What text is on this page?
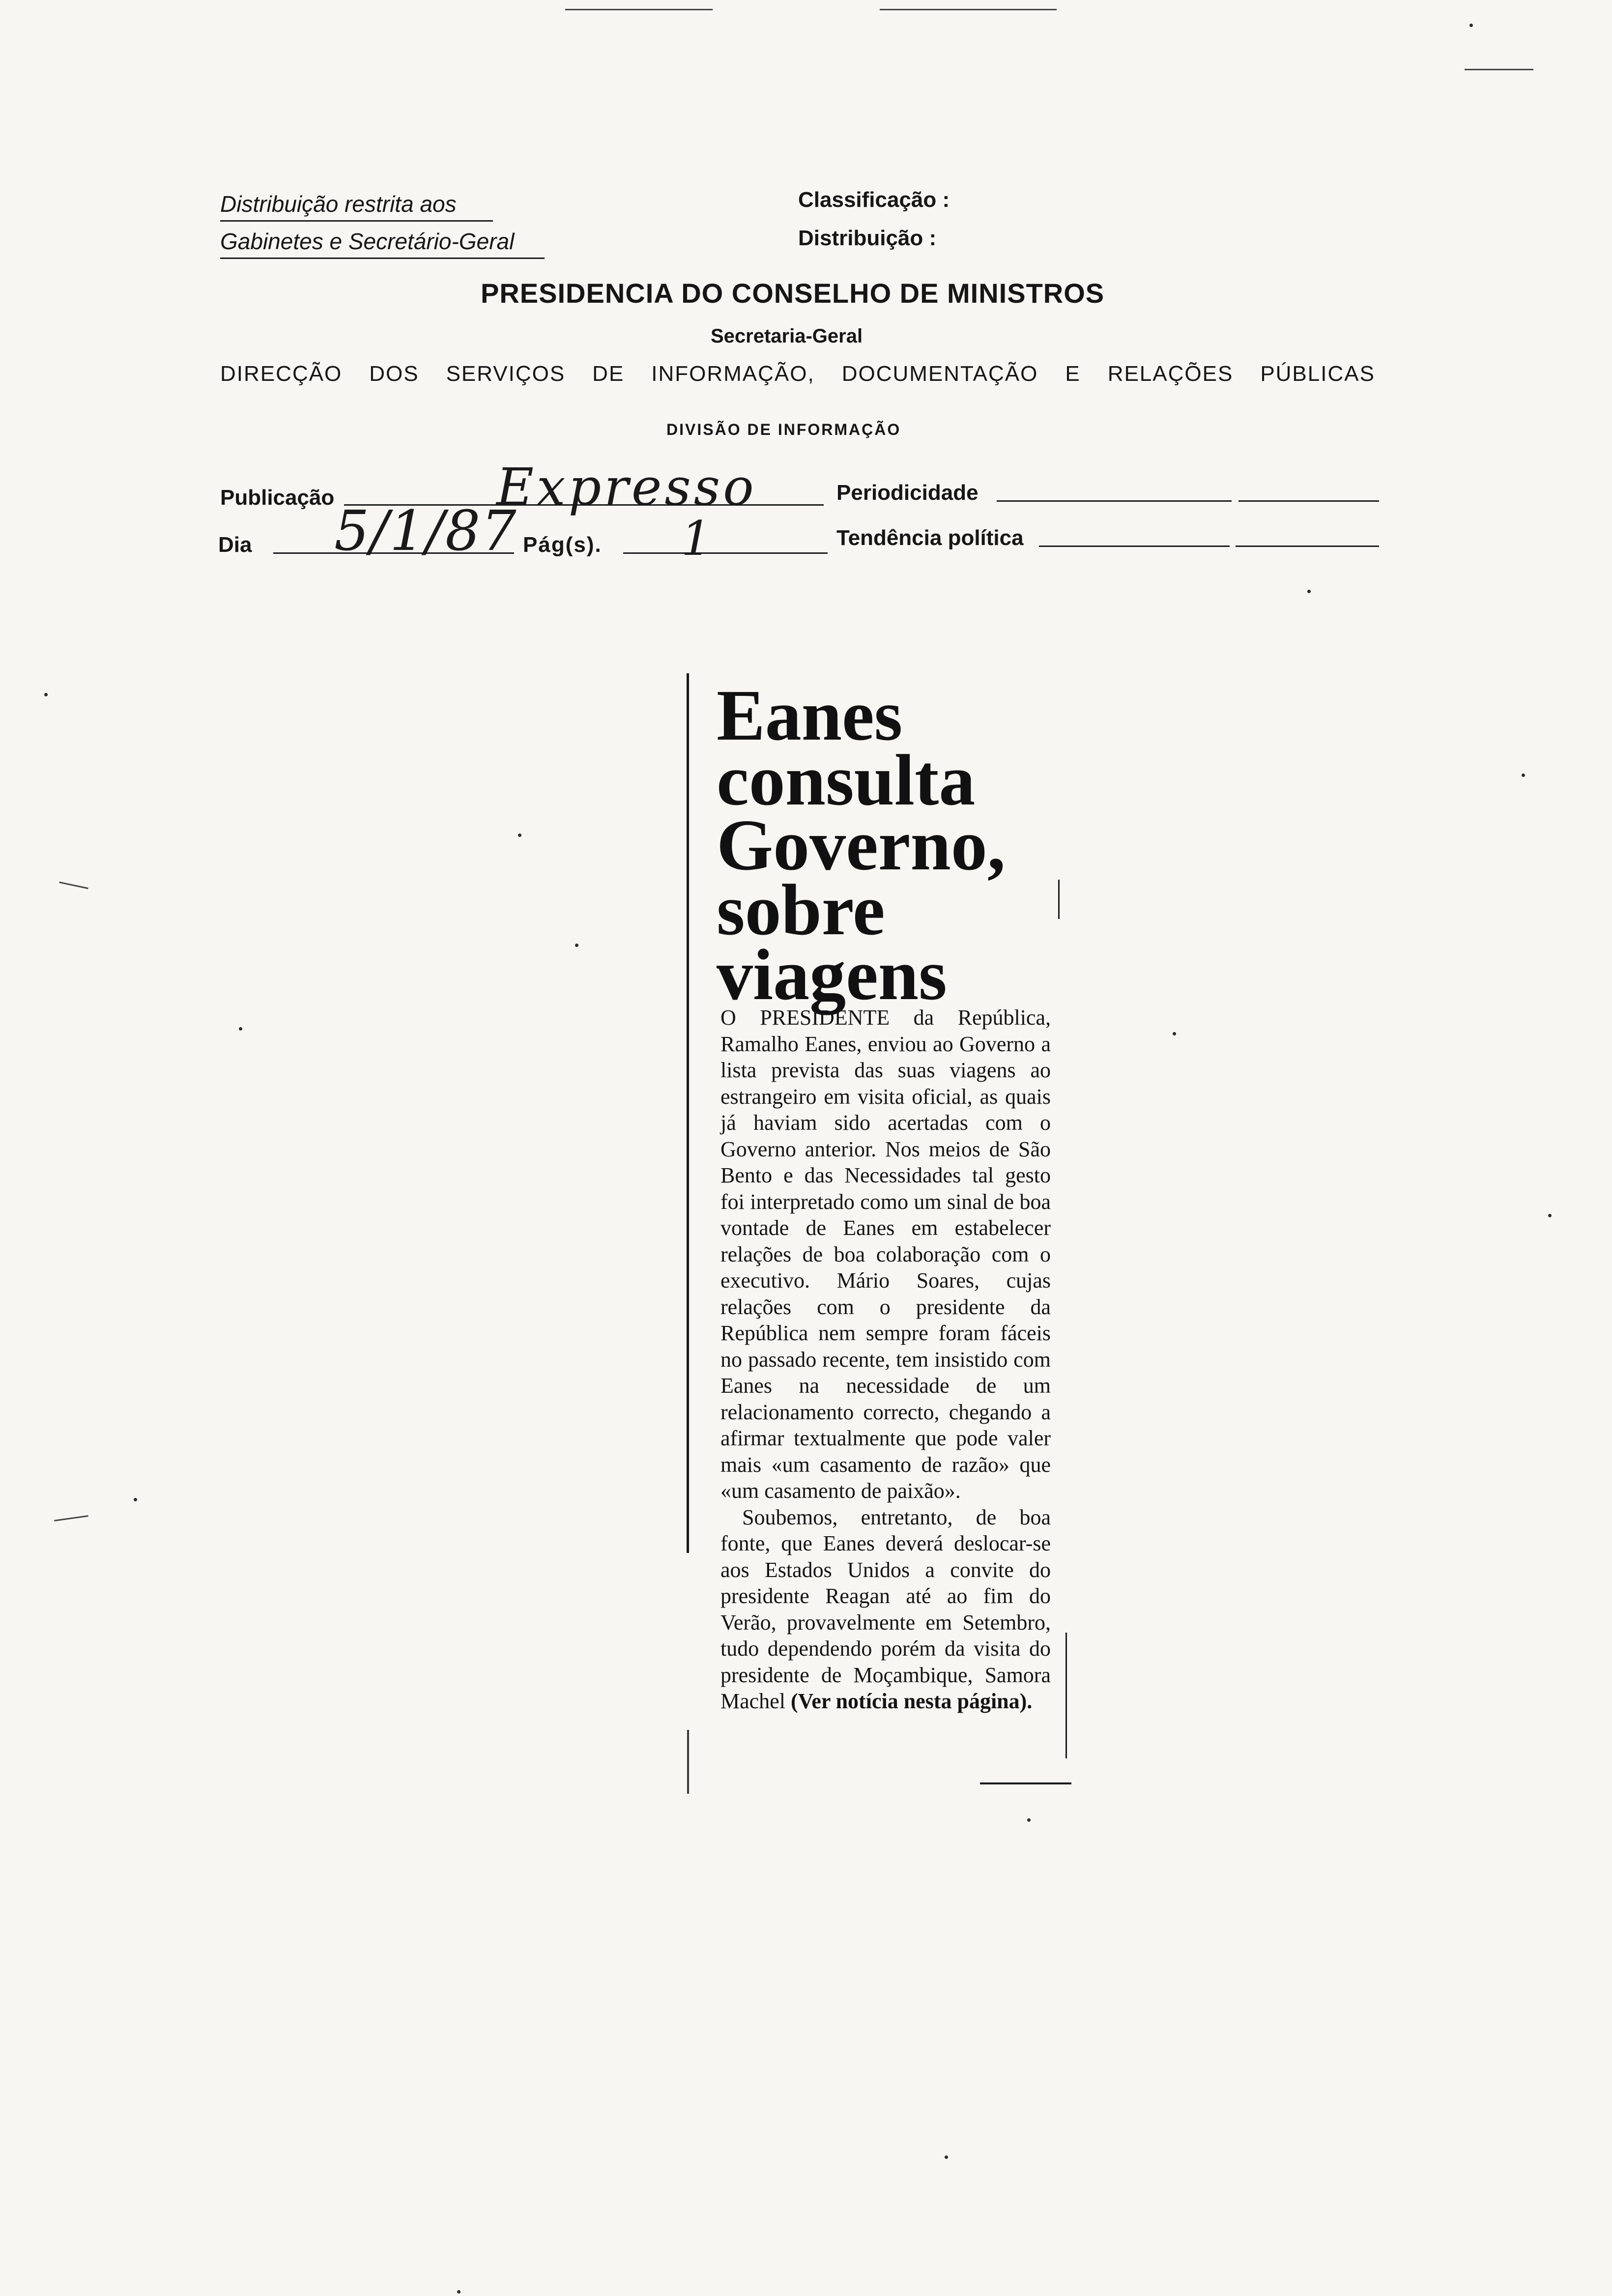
Distribuição restrita aos
Gabinetes e Secretário-Geral
Classificação :
Distribuição :
PRESIDENCIA DO CONSELHO DE MINISTROS
Secretaria-Geral
DIRECÇÃO DOS SERVIÇOS DE INFORMAÇÃO, DOCUMENTAÇÃO E RELAÇÕES PÚBLICAS
DIVISÃO DE INFORMAÇÃO
Publicação	Expresso	Periodicidade
Dia 5/1/87 Pág(s). 1	Tendência política
Eanes
consulta
Governo,
sobre
viagens

O PRESIDENTE da República, Ramalho Eanes, enviou ao Governo a lista prevista das suas viagens ao estrangeiro em visita oficial, as quais já haviam sido acertadas com o Governo anterior. Nos meios de São Bento e das Necessidades tal gesto foi interpretado como um sinal de boa vontade de Eanes em estabelecer relações de boa colaboração com o executivo. Mário Soares, cujas relações com o presidente da República nem sempre foram fáceis no passado recente, tem insistido com Eanes na necessidade de um relacionamento correcto, chegando a afirmar textualmente que pode valer mais «um casamento de razão» que «um casamento de paixão».

Soubemos, entretanto, de boa fonte, que Eanes deverá deslocar-se aos Estados Unidos a convite do presidente Reagan até ao fim do Verão, provavelmente em Setembro, tudo dependendo porém da visita do presidente de Moçambique, Samora Machel (Ver notícia nesta página).
